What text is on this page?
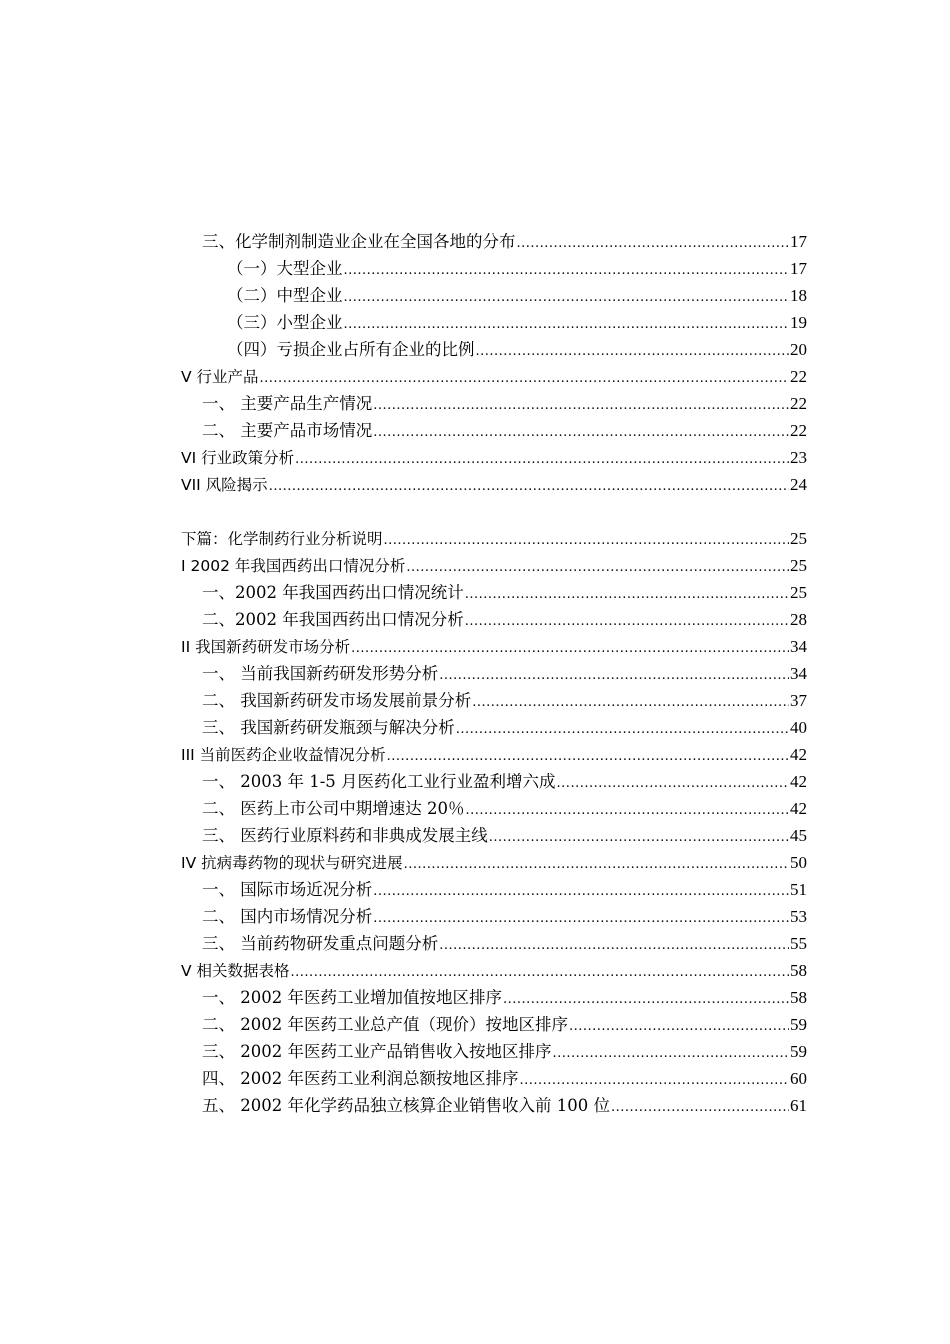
三、化学制剂制造业企业在全国各地的分布 .....	17
（一）大型企业 .....	17
（二）中型企业 .....	18
（三）小型企业 .....	19
（四）亏损企业占所有企业的比例 .....	20
V 行业产品 .....	22
一、 主要产品生产情况 .....	22
二、 主要产品市场情况 .....	22
VI 行业政策分析 .....	23
VII 风险揭示 .....	24
下篇：化学制药行业分析说明 .....	25
I 2002 年我国西药出口情况分析 .....	25
一、2002 年我国西药出口情况统计 .....	25
二、2002 年我国西药出口情况分析 .....	28
II 我国新药研发市场分析 .....	34
一、 当前我国新药研发形势分析 .....	34
二、 我国新药研发市场发展前景分析 .....	37
三、 我国新药研发瓶颈与解决分析 .....	40
III 当前医药企业收益情况分析 .....	42
一、 2003 年 1-5 月医药化工业行业盈利增六成 .....	42
二、 医药上市公司中期增速达 20％ .....	42
三、 医药行业原料药和非典成发展主线 .....	45
IV 抗病毒药物的现状与研究进展 .....	50
一、 国际市场近况分析 .....	51
二、 国内市场情况分析 .....	53
三、 当前药物研发重点问题分析 .....	55
V 相关数据表格 .....	58
一、 2002 年医药工业增加值按地区排序 .....	58
二、 2002 年医药工业总产值（现价）按地区排序 .....	59
三、 2002 年医药工业产品销售收入按地区排序 .....	59
四、 2002 年医药工业利润总额按地区排序 .....	60
五、 2002 年化学药品独立核算企业销售收入前 100 位 .....	61
